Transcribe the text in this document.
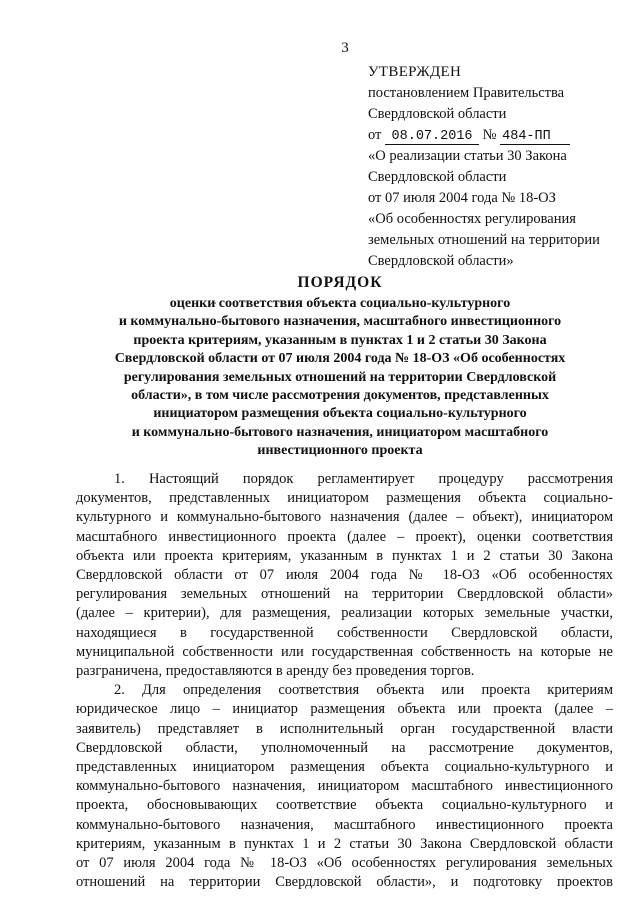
3
УТВЕРЖДЕН
постановлением Правительства
Свердловской области
от 08.07.2016 № 484-ПП
«О реализации статьи 30 Закона
Свердловской области
от 07 июля 2004 года № 18-ОЗ
«Об особенностях регулирования
земельных отношений на территории
Свердловской области»
ПОРЯДОК
оценки соответствия объекта социально-культурного
и коммунально-бытового назначения, масштабного инвестиционного
проекта критериям, указанным в пунктах 1 и 2 статьи 30 Закона
Свердловской области от 07 июля 2004 года № 18-ОЗ «Об особенностях
регулирования земельных отношений на территории Свердловской
области», в том числе рассмотрения документов, представленных
инициатором размещения объекта социально-культурного
и коммунально-бытового назначения, инициатором масштабного
инвестиционного проекта
1. Настоящий порядок регламентирует процедуру рассмотрения
документов, представленных инициатором размещения объекта социально-
культурного и коммунально-бытового назначения (далее – объект), инициатором
масштабного инвестиционного проекта (далее – проект), оценки соответствия
объекта или проекта критериям, указанным в пунктах 1 и 2 статьи 30 Закона
Свердловской области от 07 июля 2004 года № 18-ОЗ «Об особенностях
регулирования земельных отношений на территории Свердловской области»
(далее – критерии), для размещения, реализации которых земельные участки,
находящиеся в государственной собственности Свердловской области,
муниципальной собственности или государственная собственность на которые не
разграничена, предоставляются в аренду без проведения торгов.
2. Для определения соответствия объекта или проекта критериям
юридическое лицо – инициатор размещения объекта или проекта (далее –
заявитель) представляет в исполнительный орган государственной власти
Свердловской области, уполномоченный на рассмотрение документов,
представленных инициатором размещения объекта социально-культурного и
коммунально-бытового назначения, инициатором масштабного инвестиционного
проекта, обосновывающих соответствие объекта социально-культурного и
коммунально-бытового назначения, масштабного инвестиционного проекта
критериям, указанным в пунктах 1 и 2 статьи 30 Закона Свердловской области
от 07 июля 2004 года № 18-ОЗ «Об особенностях регулирования земельных
отношений на территории Свердловской области», и подготовку проектов
